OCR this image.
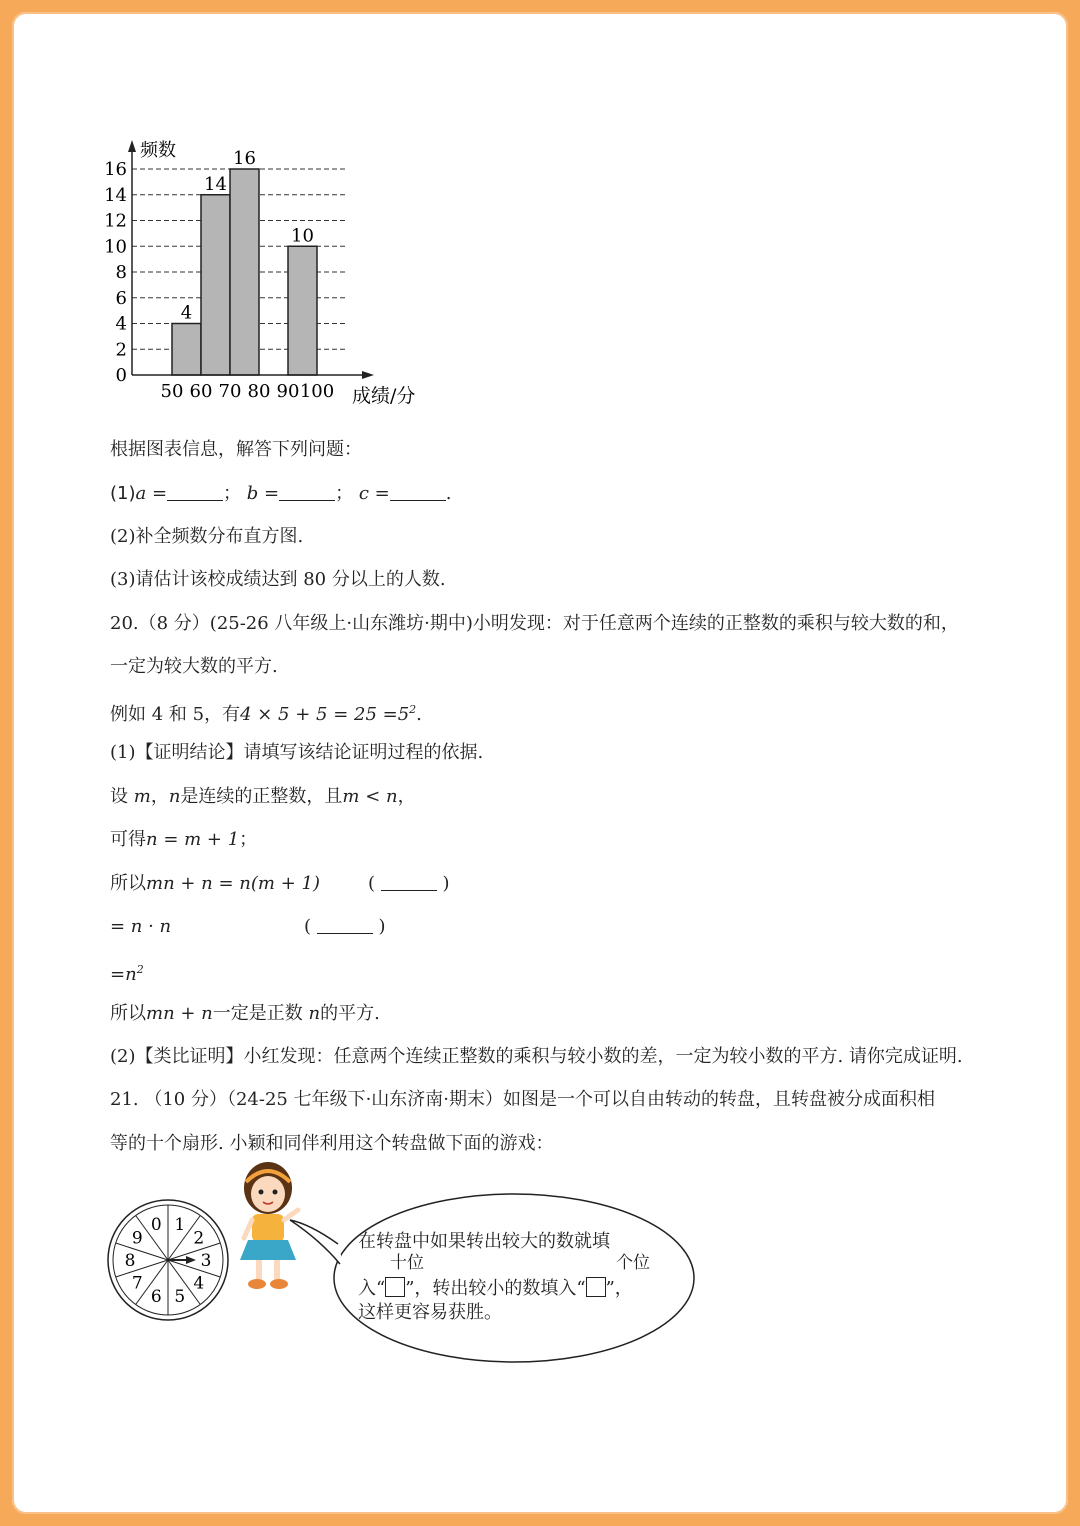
0
2
4
6
8
10
12
14
16
4
14
16
10
50 60 70 80 90 100
频数
成绩/分
根据图表信息，解答下列问题：
(1)a =	； b =	； c =	.
(2)补全频数分布直方图.
(3)请估计该校成绩达到 80 分以上的人数.
20.（8 分）(25-26 八年级上·山东潍坊·期中)小明发现：对于任意两个连续的正整数的乘积与较大数的和，
一定为较大数的平方.
例如 4 和 5，有$4 \times 5 + 5 = 25 =5^2$.
(1)【证明结论】请填写该结论证明过程的依据.
设 m，n是连续的正整数，且m < n，
可得n = m + 1；
所以mn + n = n(m + 1)	(	)
= n · n	(	)
$=n^2$
所以mn + n一定是正数 n的平方.
(2)【类比证明】小红发现：任意两个连续正整数的乘积与较小数的差，一定为较小数的平方. 请你完成证明.
21. （10 分）（24-25 七年级下·山东济南·期末）如图是一个可以自由转动的转盘，且转盘被分成面积相
等的十个扇形. 小颖和同伴利用这个转盘做下面的游戏：
0 1
2
3
4
5
6
7
8
9	在转盘中如果转出较大的数就填
十位	个位
入“ ”，转出较小的数填入“ ”，
这样更容易获胜。
